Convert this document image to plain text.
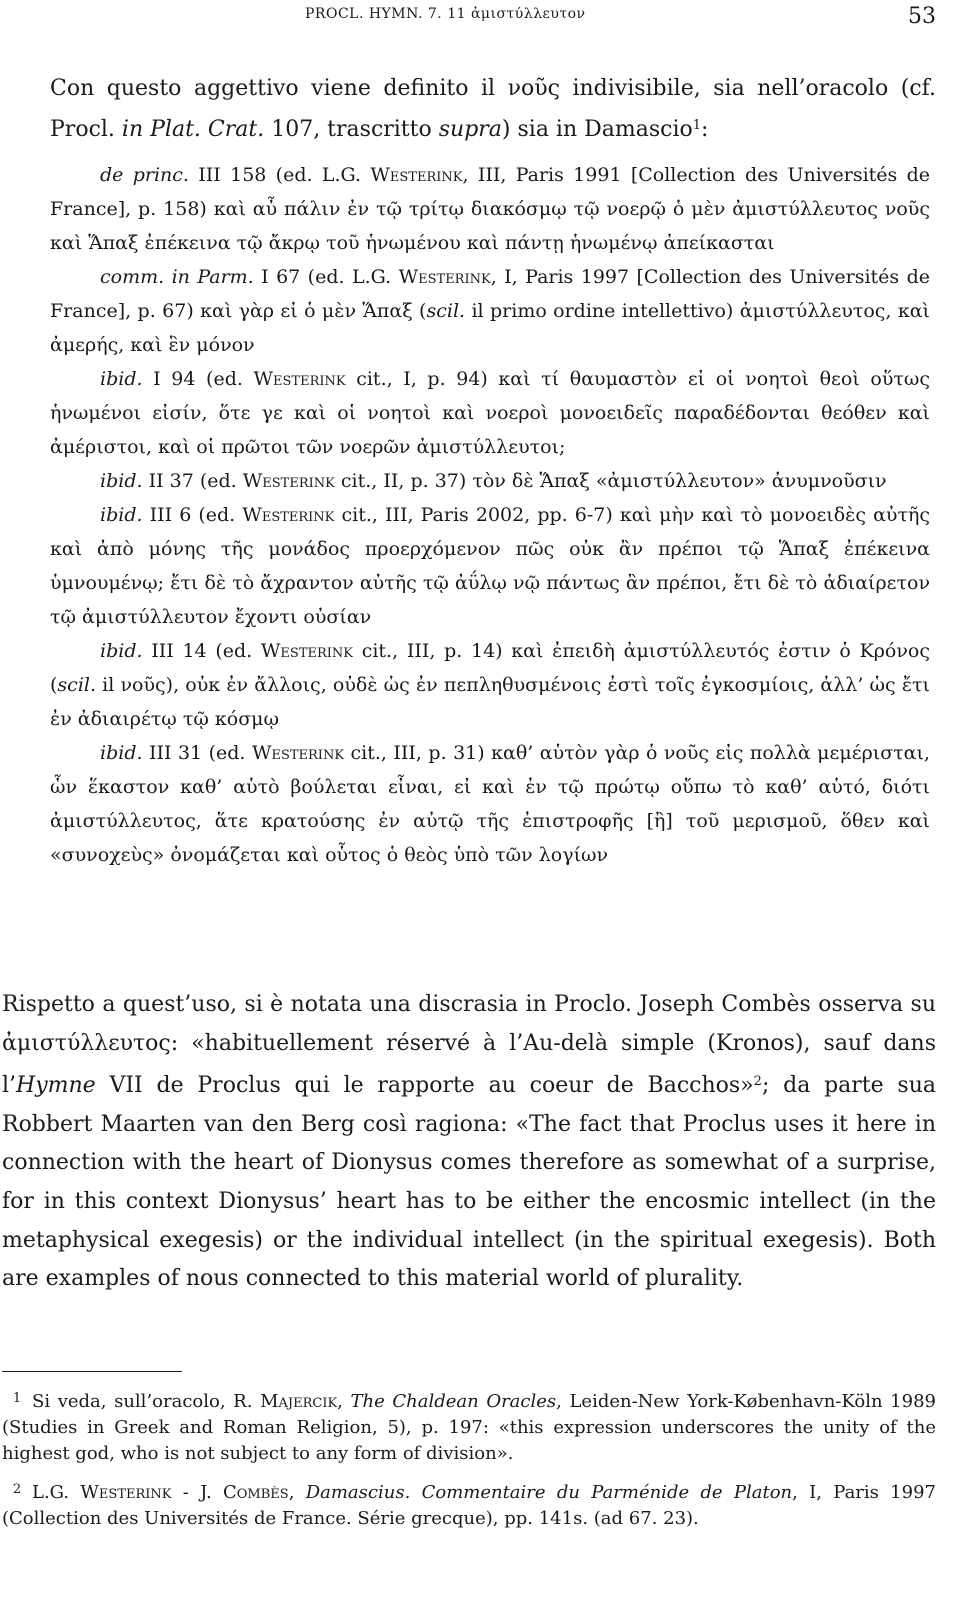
PROCL. HYMN. 7. 11 ἀμιστύλλευτον	53

Con questo aggettivo viene definito il νοῦς indivisibile, sia nell’oracolo (cf. Procl. in Plat. Crat. 107, trascritto supra) sia in Damascio$^1$:

de princ. III 158 (ed. L.G. Westerink, III, Paris 1991 [Collection des Universités de France], p. 158) καὶ αὖ πάλιν ἐν τῷ τρίτῳ διακόσμῳ τῷ νοερῷ ὁ μὲν ἀμιστύλλευτος νοῦς καὶ Ἅπαξ ἐπέκεινα τῷ ἄκρῳ τοῦ ἡνωμένου καὶ πάντῃ ἡνωμένῳ ἀπείκασται

comm. in Parm. I 67 (ed. L.G. Westerink, I, Paris 1997 [Collection des Universités de France], p. 67) καὶ γὰρ εἰ ὁ μὲν Ἅπαξ (scil. il primo ordine intellettivo) ἀμιστύλλευτος, καὶ ἀμερής, καὶ ἓν μόνον

ibid. I 94 (ed. Westerink cit., I, p. 94) καὶ τί θαυμαστὸν εἰ οἱ νοητοὶ θεοὶ οὕτως ἡνωμένοι εἰσίν, ὅτε γε καὶ οἱ νοητοὶ καὶ νοεροὶ μονοειδεῖς παραδέδονται θεόθεν καὶ ἀμέριστοι, καὶ οἱ πρῶτοι τῶν νοερῶν ἀμιστύλλευτοι;

ibid. II 37 (ed. Westerink cit., II, p. 37) τὸν δὲ Ἅπαξ «ἀμιστύλλευτον» ἀνυμνοῦσιν

ibid. III 6 (ed. Westerink cit., III, Paris 2002, pp. 6-7) καὶ μὴν καὶ τὸ μονοειδὲς αὐτῆς καὶ ἀπὸ μόνης τῆς μονάδος προερχόμενον πῶς οὐκ ἂν πρέποι τῷ Ἅπαξ ἐπέκεινα ὑμνουμένῳ; ἔτι δὲ τὸ ἄχραντον αὐτῆς τῷ ἀΰλῳ νῷ πάντως ἂν πρέποι, ἔτι δὲ τὸ ἀδιαίρετον τῷ ἀμιστύλλευτον ἔχοντι οὐσίαν

ibid. III 14 (ed. Westerink cit., III, p. 14) καὶ ἐπειδὴ ἀμιστύλλευτός ἐστιν ὁ Κρόνος (scil. il νοῦς), οὐκ ἐν ἄλλοις, οὐδὲ ὡς ἐν πεπληθυσμένοις ἐστὶ τοῖς ἐγκοσμίοις, ἀλλ’ ὡς ἔτι ἐν ἀδιαιρέτῳ τῷ κόσμῳ

ibid. III 31 (ed. Westerink cit., III, p. 31) καθ’ αὑτὸν γὰρ ὁ νοῦς εἰς πολλὰ μεμέρισται, ὧν ἕκαστον καθ’ αὑτὸ βούλεται εἶναι, εἰ καὶ ἐν τῷ πρώτῳ οὔπω τὸ καθ’ αὑτό, διότι ἀμιστύλλευτος, ἅτε κρατούσης ἐν αὐτῷ τῆς ἐπιστροφῆς [ἢ] τοῦ μερισμοῦ, ὅθεν καὶ «συνοχεὺς» ὀνομάζεται καὶ οὗτος ὁ θεὸς ὑπὸ τῶν λογίων

Rispetto a quest’uso, si è notata una discrasia in Proclo. Joseph Combès osserva su ἀμιστύλλευτος: «habituellement réservé à l’Au-delà simple (Kronos), sauf dans l’Hymne VII de Proclus qui le rapporte au coeur de Bacchos»$^2$; da parte sua Robbert Maarten van den Berg così ragiona: «The fact that Proclus uses it here in connection with the heart of Dionysus comes therefore as somewhat of a surprise, for in this context Dionysus’ heart has to be either the encosmic intellect (in the metaphysical exegesis) or the individual intellect (in the spiritual exegesis). Both are examples of nous connected to this material world of plurality.

1 Si veda, sull’oracolo, R. Majercik, The Chaldean Oracles, Leiden-New York-København-Köln 1989 (Studies in Greek and Roman Religion, 5), p. 197: «this expression underscores the unity of the highest god, who is not subject to any form of division».

2 L.G. Westerink - J. Combès, Damascius. Commentaire du Parménide de Platon, I, Paris 1997 (Collection des Universités de France. Série grecque), pp. 141s. (ad 67. 23).
